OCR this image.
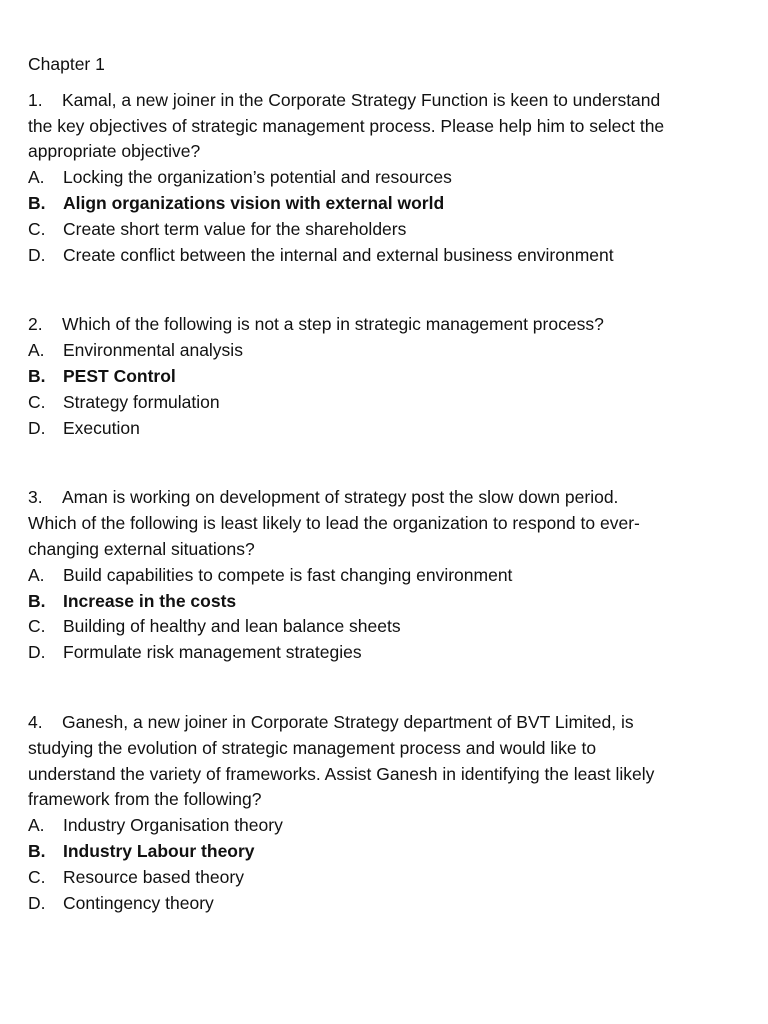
Chapter 1

1. Kamal, a new joiner in the Corporate Strategy Function is keen to understand

the key objectives of strategic management process. Please help him to select the

appropriate objective?

A.	Locking the organization’s potential and resources
B.	Align organizations vision with external world
C.	Create short term value for the shareholders
D.	Create conflict between the internal and external business environment

2. Which of the following is not a step in strategic management process?

A.	Environmental analysis
B.	PEST Control
C.	Strategy formulation
D.	Execution

3. Aman is working on development of strategy post the slow down period.

Which of the following is least likely to lead the organization to respond to ever-

changing external situations?

A.	Build capabilities to compete is fast changing environment
B.	Increase in the costs
C.	Building of healthy and lean balance sheets
D.	Formulate risk management strategies

4. Ganesh, a new joiner in Corporate Strategy department of BVT Limited, is

studying the evolution of strategic management process and would like to

understand the variety of frameworks. Assist Ganesh in identifying the least likely

framework from the following?

A.	Industry Organisation theory
B.	Industry Labour theory
C.	Resource based theory
D.	Contingency theory
